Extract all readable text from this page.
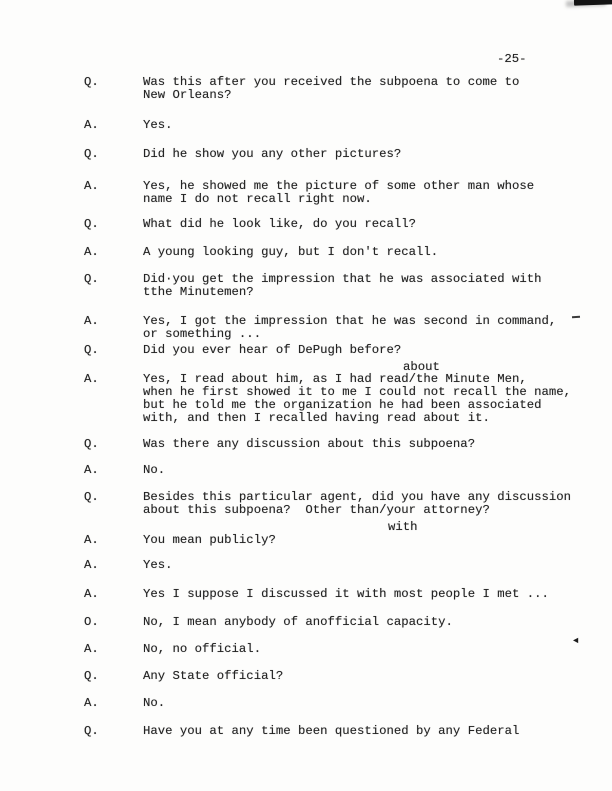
-25-
Q.	Was this after you received the subpoena to come to
New Orleans?
A.	Yes.
Q.	Did he show you any other pictures?
A.	Yes, he showed me the picture of some other man whose
name I do not recall right now.
Q.	What did he look like, do you recall?
A.	A young looking guy, but I don't recall.
Q.	Did·you get the impression that he was associated with
tthe Minutemen?
A.	Yes, I got the impression that he was second in command,
or something ...
Q.	Did you ever hear of DePugh before?
about
A.	Yes, I read about him, as I had read/the Minute Men,
when he first showed it to me I could not recall the name,
but he told me the organization he had been associated
with, and then I recalled having read about it.
Q.	Was there any discussion about this subpoena?
A.	No.
Q.	Besides this particular agent, did you have any discussion
about this subpoena?  Other than/your attorney?
with
A.	You mean publicly?
A.	Yes.
A.	Yes I suppose I discussed it with most people I met ...
O.	No, I mean anybody of anofficial capacity.
A.	No, no official.
Q.	Any State official?
A.	No.
Q.	Have you at any time been questioned by any Federal
◄
